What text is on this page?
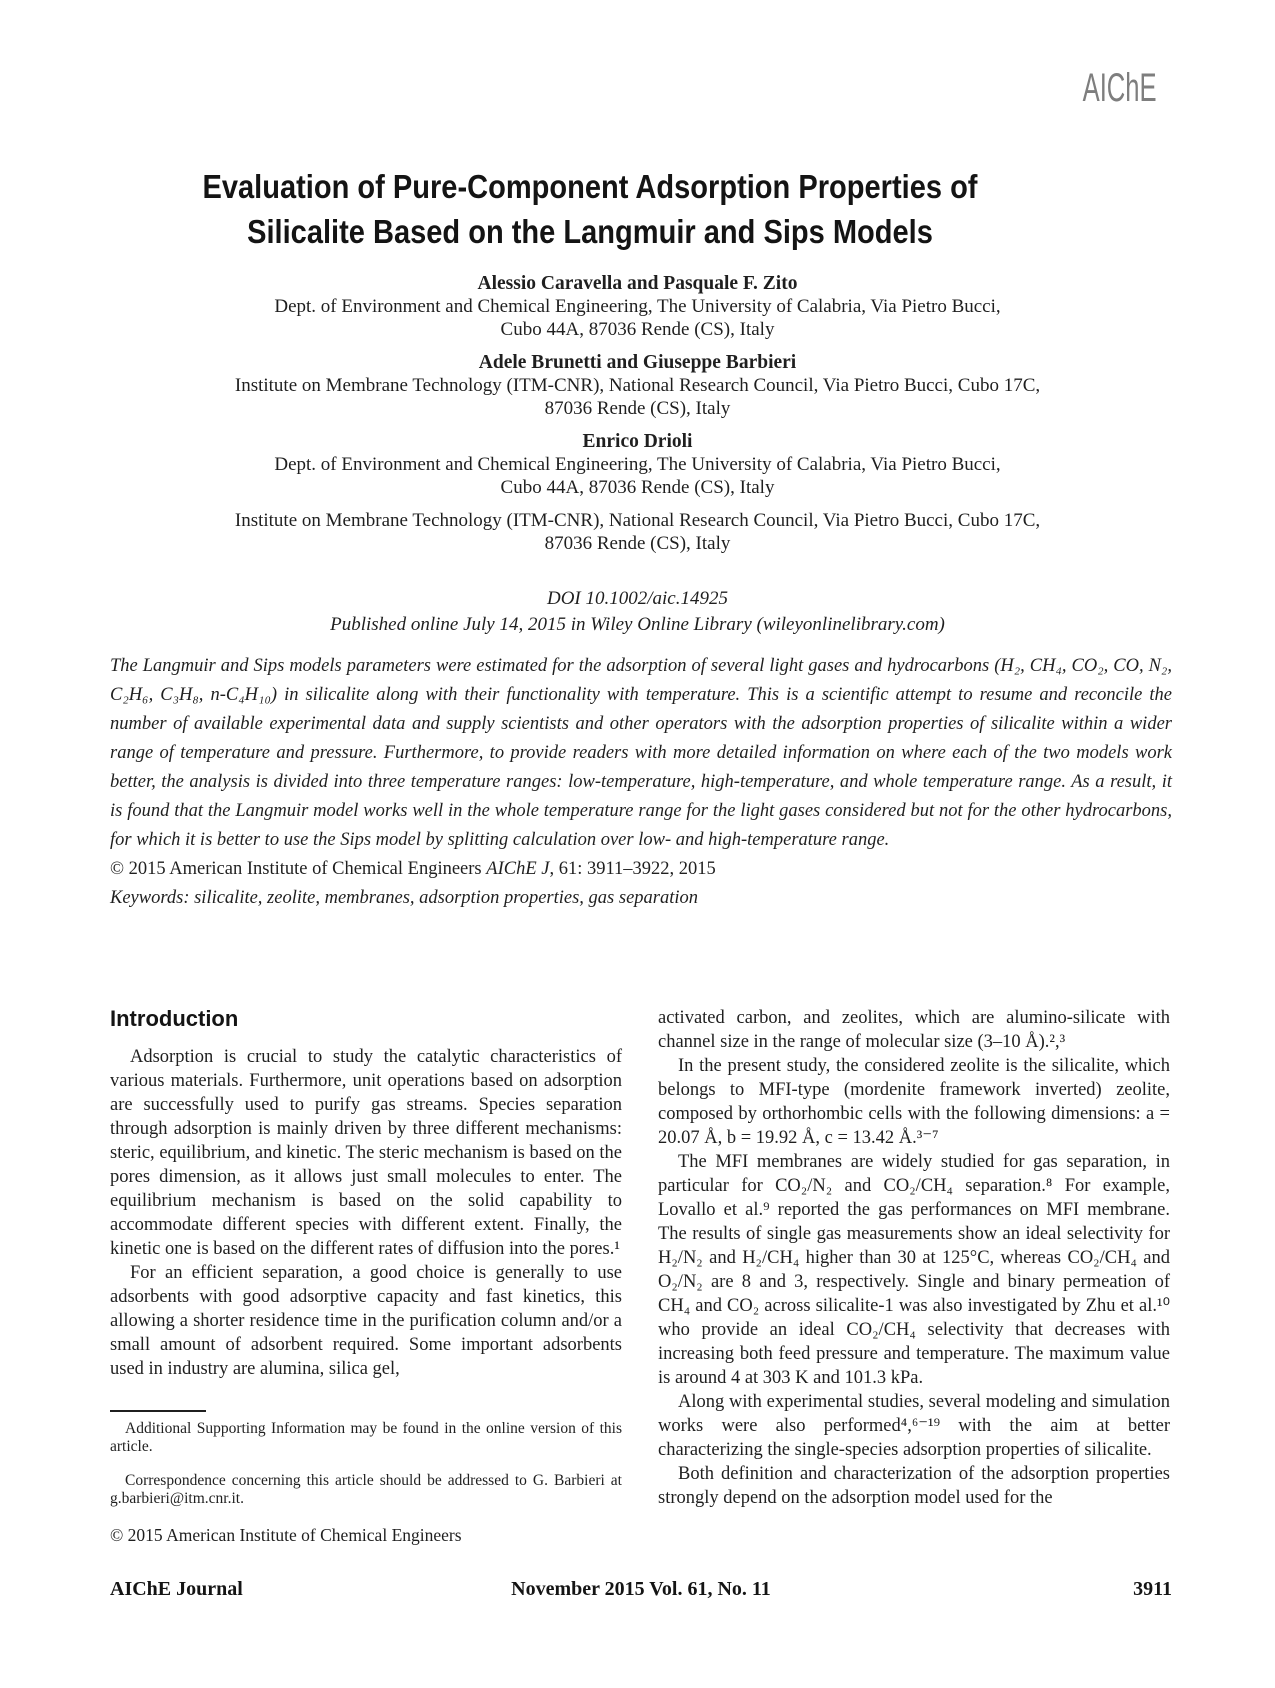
AIChE
Evaluation of Pure-Component Adsorption Properties of
Silicalite Based on the Langmuir and Sips Models
Alessio Caravella and Pasquale F. Zito
Dept. of Environment and Chemical Engineering, The University of Calabria, Via Pietro Bucci,
Cubo 44A, 87036 Rende (CS), Italy
Adele Brunetti and Giuseppe Barbieri
Institute on Membrane Technology (ITM-CNR), National Research Council, Via Pietro Bucci, Cubo 17C,
87036 Rende (CS), Italy
Enrico Drioli
Dept. of Environment and Chemical Engineering, The University of Calabria, Via Pietro Bucci,
Cubo 44A, 87036 Rende (CS), Italy
Institute on Membrane Technology (ITM-CNR), National Research Council, Via Pietro Bucci, Cubo 17C,
87036 Rende (CS), Italy
DOI 10.1002/aic.14925
Published online July 14, 2015 in Wiley Online Library (wileyonlinelibrary.com)
The Langmuir and Sips models parameters were estimated for the adsorption of several light gases and hydrocarbons (H₂, CH₄, CO₂, CO, N₂, C₂H₆, C₃H₈, n-C₄H₁₀) in silicalite along with their functionality with temperature. This is a scientific attempt to resume and reconcile the number of available experimental data and supply scientists and other operators with the adsorption properties of silicalite within a wider range of temperature and pressure. Furthermore, to provide readers with more detailed information on where each of the two models work better, the analysis is divided into three temperature ranges: low-temperature, high-temperature, and whole temperature range. As a result, it is found that the Langmuir model works well in the whole temperature range for the light gases considered but not for the other hydrocarbons, for which it is better to use the Sips model by splitting calculation over low- and high-temperature range.
© 2015 American Institute of Chemical Engineers AIChE J, 61: 3911–3922, 2015
Keywords: silicalite, zeolite, membranes, adsorption properties, gas separation
Introduction

Adsorption is crucial to study the catalytic characteristics of various materials. Furthermore, unit operations based on adsorption are successfully used to purify gas streams. Species separation through adsorption is mainly driven by three different mechanisms: steric, equilibrium, and kinetic. The steric mechanism is based on the pores dimension, as it allows just small molecules to enter. The equilibrium mechanism is based on the solid capability to accommodate different species with different extent. Finally, the kinetic one is based on the different rates of diffusion into the pores.¹

For an efficient separation, a good choice is generally to use adsorbents with good adsorptive capacity and fast kinetics, this allowing a shorter residence time in the purification column and/or a small amount of adsorbent required. Some important adsorbents used in industry are alumina, silica gel,

activated carbon, and zeolites, which are alumino-silicate with channel size in the range of molecular size (3–10 Å).²,³

In the present study, the considered zeolite is the silicalite, which belongs to MFI-type (mordenite framework inverted) zeolite, composed by orthorhombic cells with the following dimensions: a = 20.07 Å, b = 19.92 Å, c = 13.42 Å.³⁻⁷

The MFI membranes are widely studied for gas separation, in particular for CO₂/N₂ and CO₂/CH₄ separation.⁸ For example, Lovallo et al.⁹ reported the gas performances on MFI membrane. The results of single gas measurements show an ideal selectivity for H₂/N₂ and H₂/CH₄ higher than 30 at 125°C, whereas CO₂/CH₄ and O₂/N₂ are 8 and 3, respectively. Single and binary permeation of CH₄ and CO₂ across silicalite-1 was also investigated by Zhu et al.¹⁰ who provide an ideal CO₂/CH₄ selectivity that decreases with increasing both feed pressure and temperature. The maximum value is around 4 at 303 K and 101.3 kPa.

Along with experimental studies, several modeling and simulation works were also performed⁴,⁶⁻¹⁹ with the aim at better characterizing the single-species adsorption properties of silicalite.

Both definition and characterization of the adsorption properties strongly depend on the adsorption model used for the

Additional Supporting Information may be found in the online version of this article.

Correspondence concerning this article should be addressed to G. Barbieri at g.barbieri@itm.cnr.it.

© 2015 American Institute of Chemical Engineers

AIChE Journal	November 2015 Vol. 61, No. 11	3911
